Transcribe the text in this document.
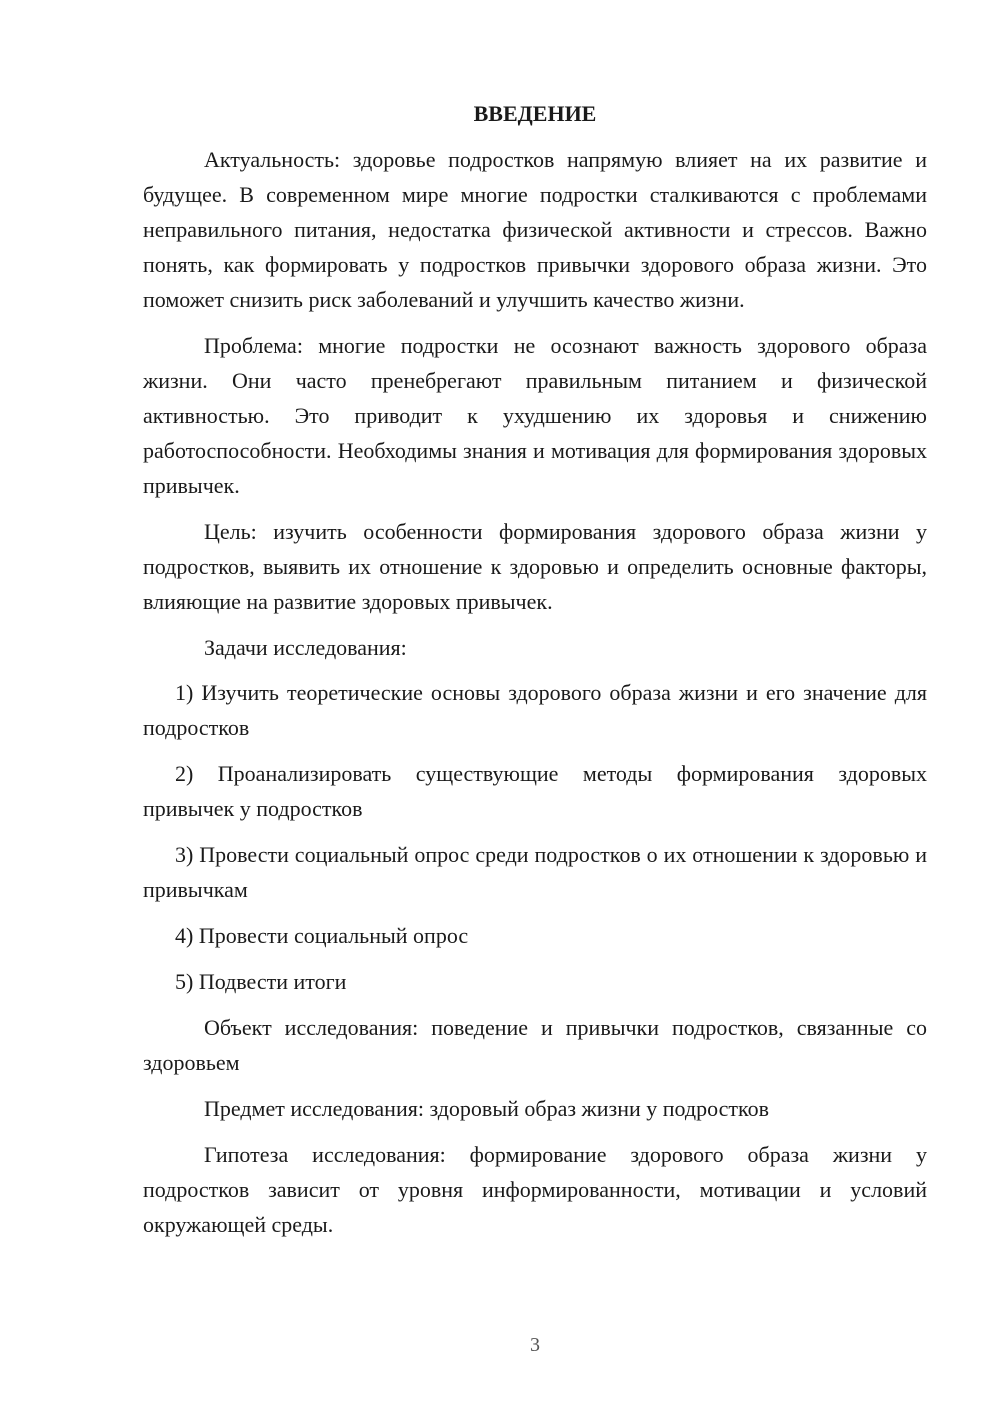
ВВЕДЕНИЕ

Актуальность: здоровье подростков напрямую влияет на их развитие и будущее. В современном мире многие подростки сталкиваются с проблемами неправильного питания, недостатка физической активности и стрессов. Важно понять, как формировать у подростков привычки здорового образа жизни. Это поможет снизить риск заболеваний и улучшить качество жизни.

Проблема: многие подростки не осознают важность здорового образа жизни. Они часто пренебрегают правильным питанием и физической активностью. Это приводит к ухудшению их здоровья и снижению работоспособности. Необходимы знания и мотивация для формирования здоровых привычек.

Цель: изучить особенности формирования здорового образа жизни у подростков, выявить их отношение к здоровью и определить основные факторы, влияющие на развитие здоровых привычек.

Задачи исследования:

1) Изучить теоретические основы здорового образа жизни и его значение для подростков

2) Проанализировать существующие методы формирования здоровых привычек у подростков

3) Провести социальный опрос среди подростков о их отношении к здоровью и привычкам

4) Провести социальный опрос

5) Подвести итоги

Объект исследования: поведение и привычки подростков, связанные со здоровьем

Предмет исследования: здоровый образ жизни у подростков

Гипотеза исследования: формирование здорового образа жизни у подростков зависит от уровня информированности, мотивации и условий окружающей среды.

3
